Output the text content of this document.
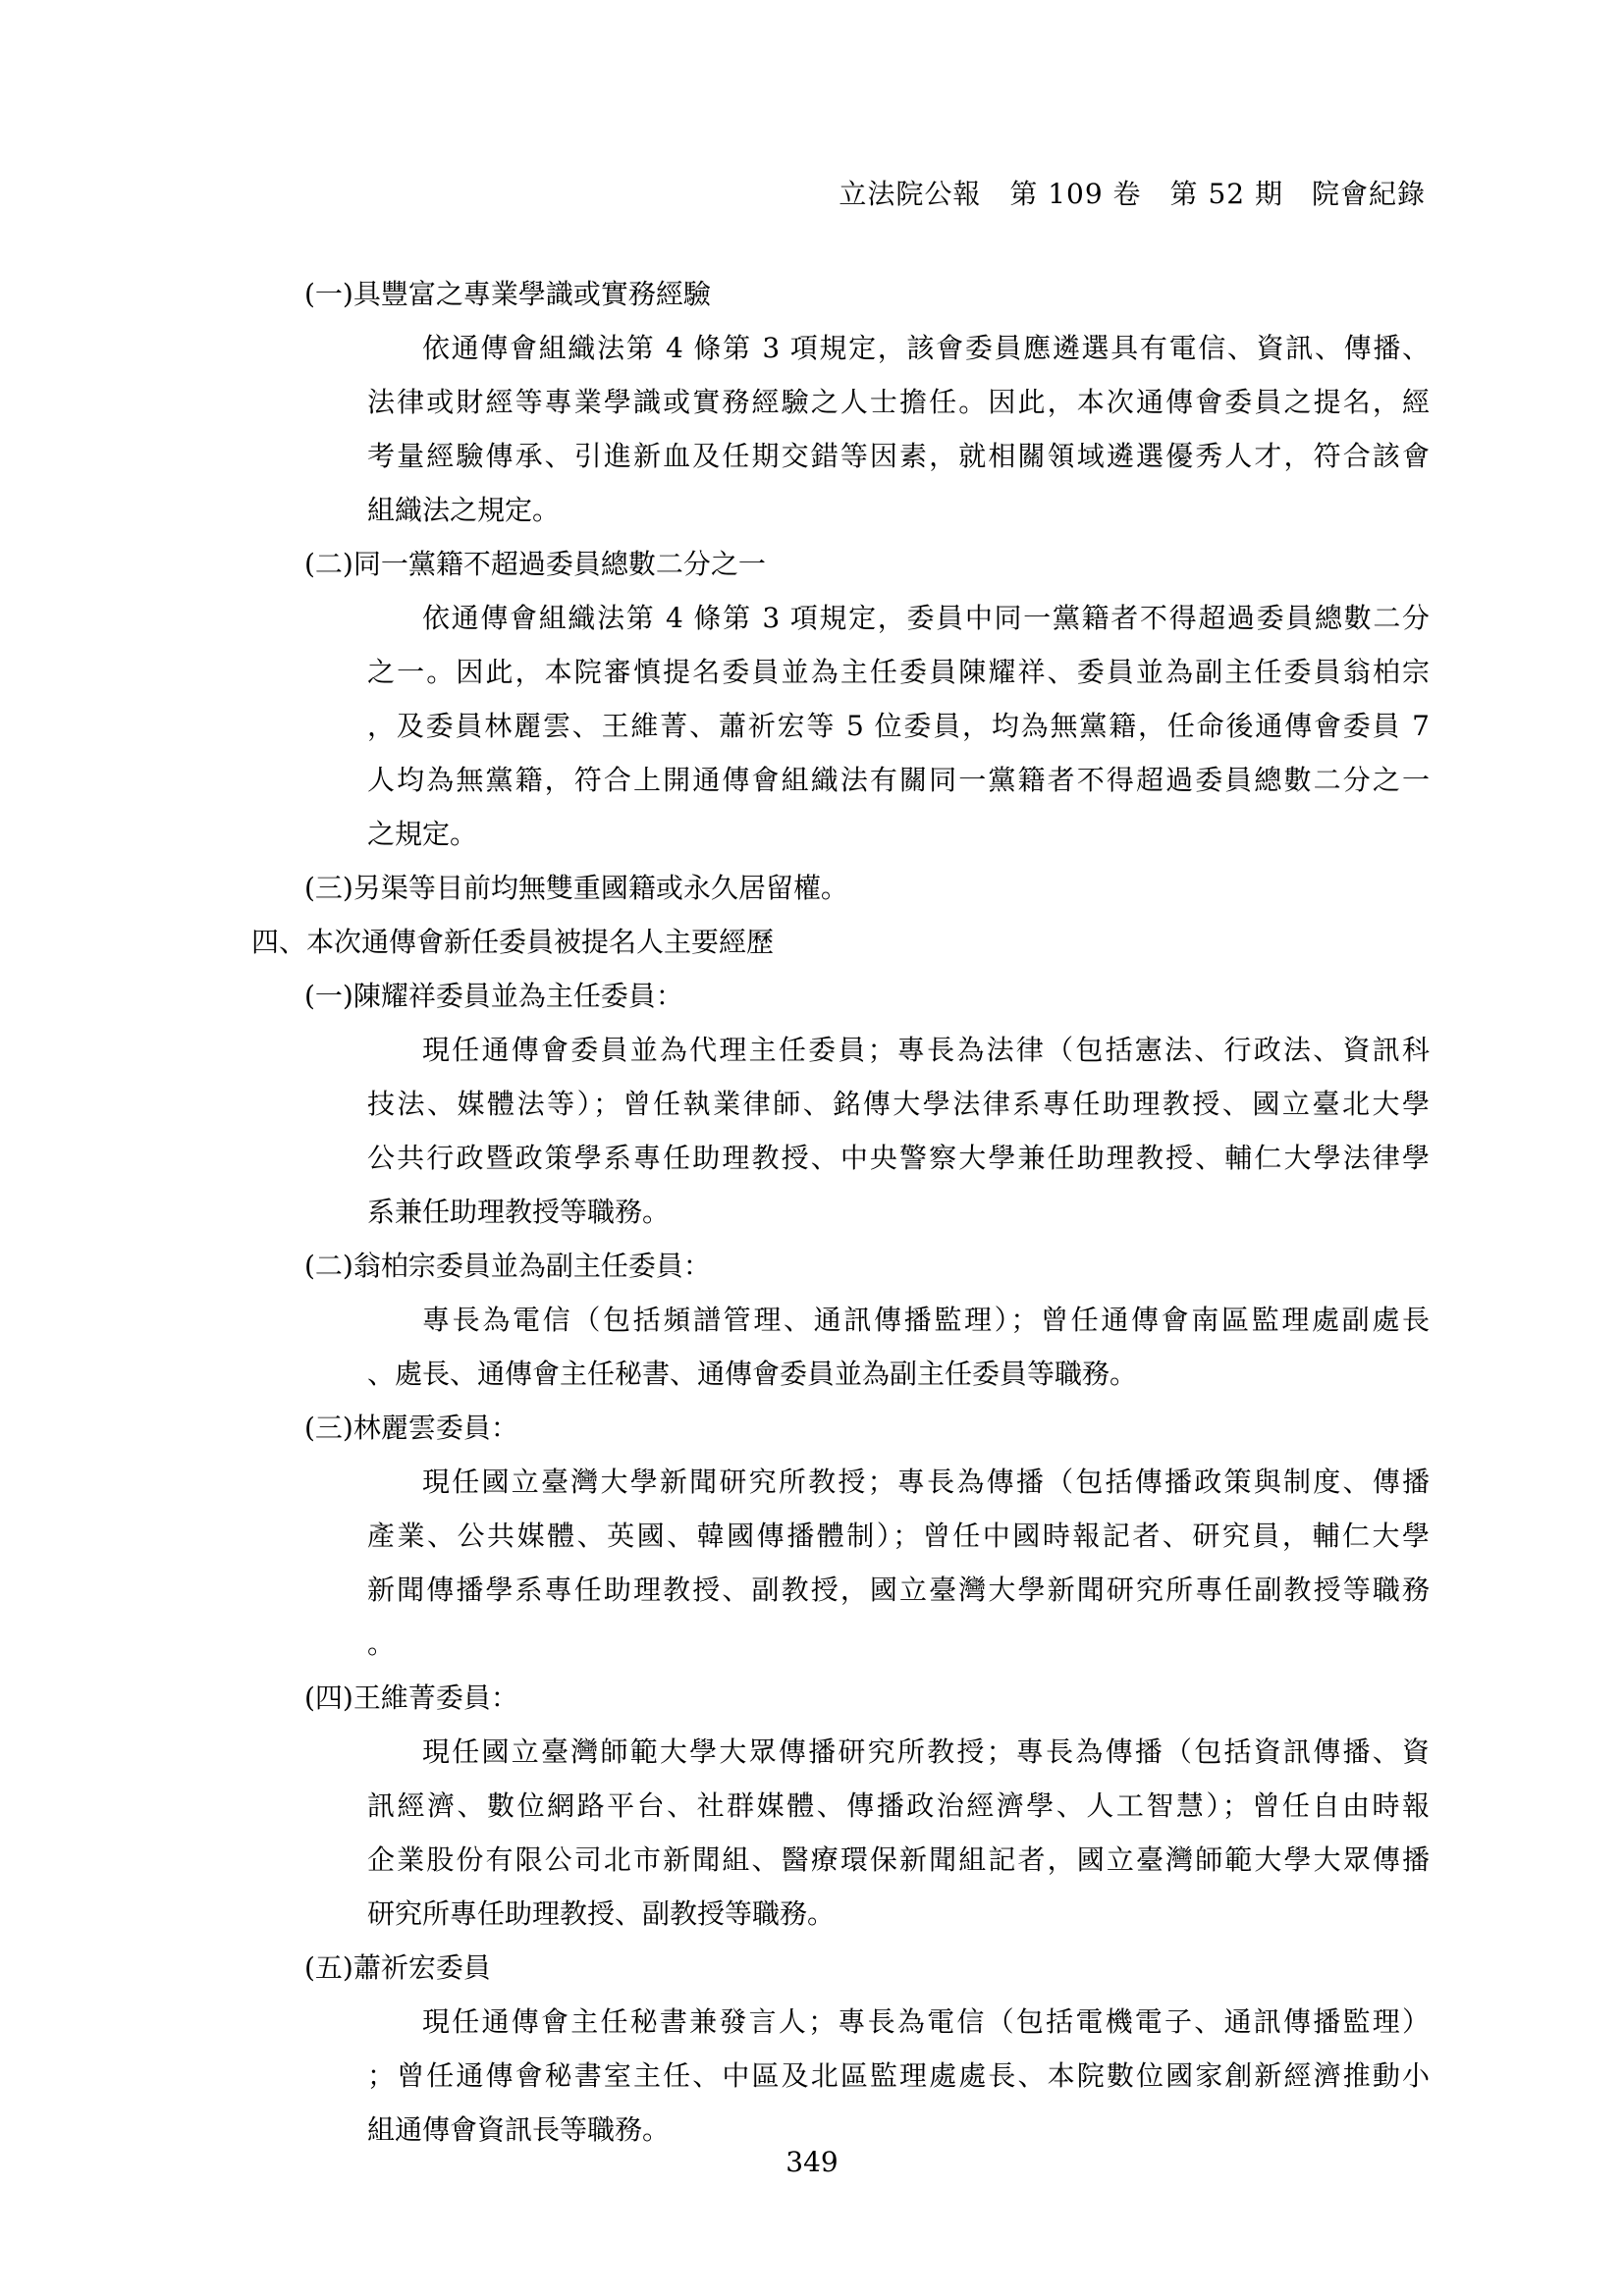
立法院公報　第 109 卷　第 52 期　院會紀錄
(一)具豐富之專業學識或實務經驗
依通傳會組織法第 4 條第 3 項規定，該會委員應遴選具有電信、資訊、傳播、
法律或財經等專業學識或實務經驗之人士擔任。因此，本次通傳會委員之提名，經
考量經驗傳承、引進新血及任期交錯等因素，就相關領域遴選優秀人才，符合該會
組織法之規定。
(二)同一黨籍不超過委員總數二分之一
依通傳會組織法第 4 條第 3 項規定，委員中同一黨籍者不得超過委員總數二分
之一。因此，本院審慎提名委員並為主任委員陳耀祥、委員並為副主任委員翁柏宗
，及委員林麗雲、王維菁、蕭祈宏等 5 位委員，均為無黨籍，任命後通傳會委員 7
人均為無黨籍，符合上開通傳會組織法有關同一黨籍者不得超過委員總數二分之一
之規定。
(三)另渠等目前均無雙重國籍或永久居留權。
四、本次通傳會新任委員被提名人主要經歷
(一)陳耀祥委員並為主任委員：
現任通傳會委員並為代理主任委員；專長為法律（包括憲法、行政法、資訊科
技法、媒體法等）；曾任執業律師、銘傳大學法律系專任助理教授、國立臺北大學
公共行政暨政策學系專任助理教授、中央警察大學兼任助理教授、輔仁大學法律學
系兼任助理教授等職務。
(二)翁柏宗委員並為副主任委員：
專長為電信（包括頻譜管理、通訊傳播監理）；曾任通傳會南區監理處副處長
、處長、通傳會主任秘書、通傳會委員並為副主任委員等職務。
(三)林麗雲委員：
現任國立臺灣大學新聞研究所教授；專長為傳播（包括傳播政策與制度、傳播
產業、公共媒體、英國、韓國傳播體制）；曾任中國時報記者、研究員，輔仁大學
新聞傳播學系專任助理教授、副教授，國立臺灣大學新聞研究所專任副教授等職務
。
(四)王維菁委員：
現任國立臺灣師範大學大眾傳播研究所教授；專長為傳播（包括資訊傳播、資
訊經濟、數位網路平台、社群媒體、傳播政治經濟學、人工智慧）；曾任自由時報
企業股份有限公司北市新聞組、醫療環保新聞組記者，國立臺灣師範大學大眾傳播
研究所專任助理教授、副教授等職務。
(五)蕭祈宏委員
現任通傳會主任秘書兼發言人；專長為電信（包括電機電子、通訊傳播監理）
；曾任通傳會秘書室主任、中區及北區監理處處長、本院數位國家創新經濟推動小
組通傳會資訊長等職務。
349
